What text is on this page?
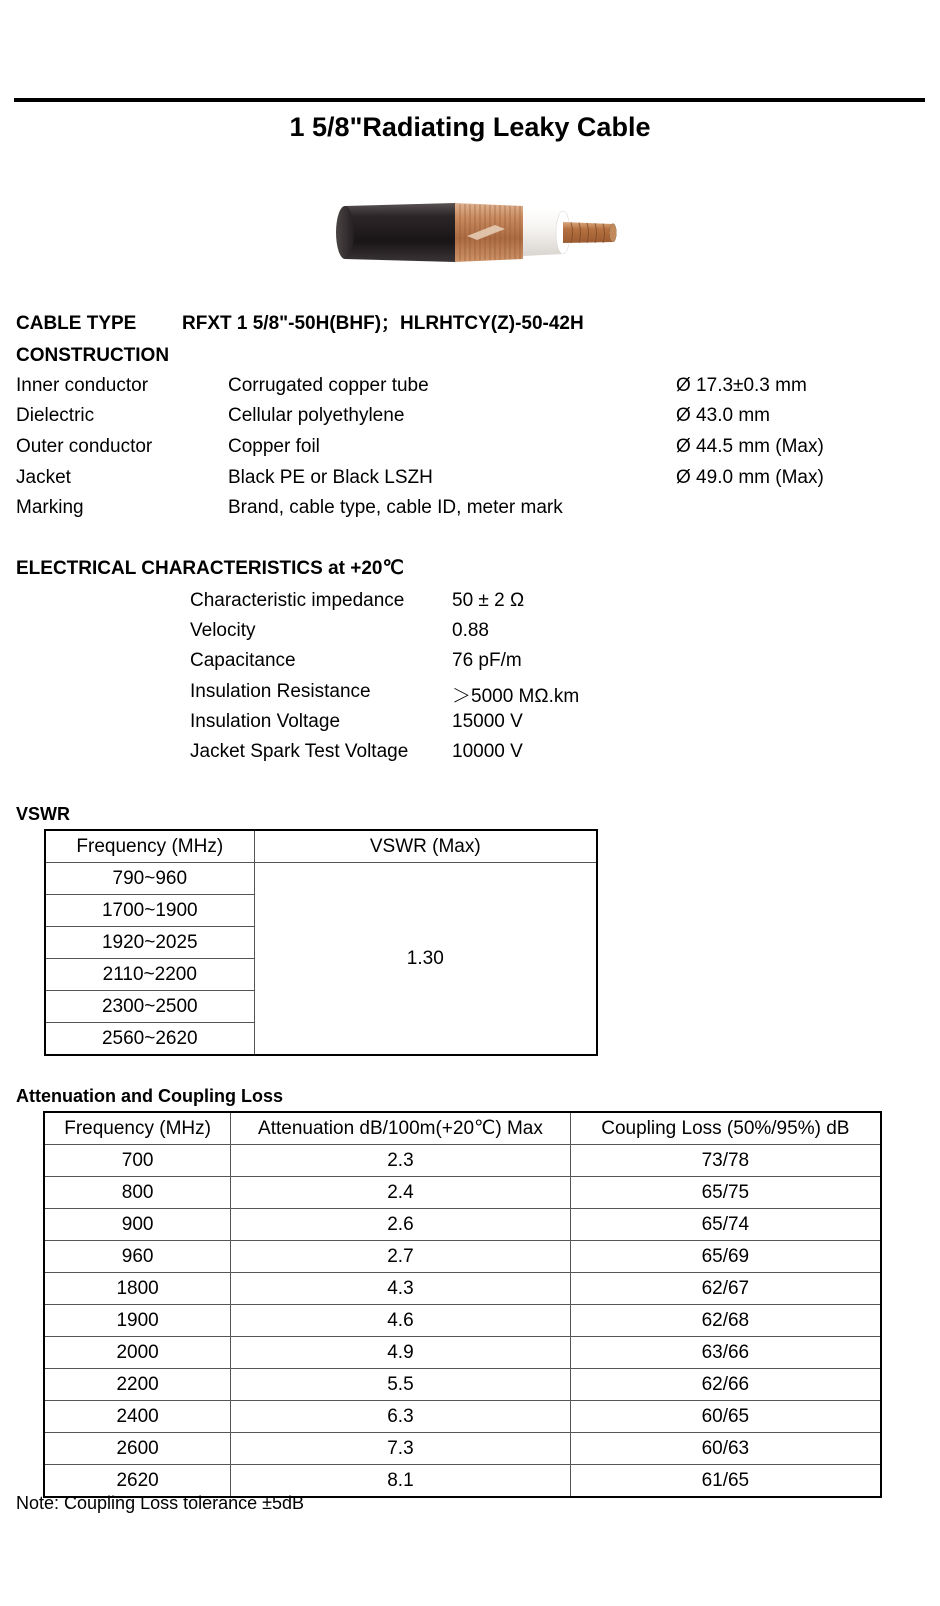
1 5/8"Radiating Leaky Cable
CABLE TYPE RFXT 1 5/8"-50H(BHF)；HLRHTCY(Z)-50-42H
CONSTRUCTION
Inner conductor	Corrugated copper tube	Ø 17.3±0.3 mm
Dielectric	Cellular polyethylene	Ø 43.0 mm
Outer conductor	Copper foil	Ø 44.5 mm (Max)
Jacket	Black PE or Black LSZH	Ø 49.0 mm (Max)
Marking	Brand, cable type, cable ID, meter mark
ELECTRICAL CHARACTERISTICS at +20℃
Characteristic impedance	50 ± 2 Ω
Velocity	0.88
Capacitance	76 pF/m
Insulation Resistance	＞5000 MΩ.km
Insulation Voltage	15000 V
Jacket Spark Test Voltage 10000 V
VSWR
Frequency (MHz)	VSWR (Max)
790~960	1.30
1700~1900	
1920~2025	
2110~2200	
2300~2500	
2560~2620	
Attenuation and Coupling Loss
Frequency (MHz)	Attenuation dB/100m(+20℃) Max	Coupling Loss (50%/95%) dB
700	2.3	73/78
800	2.4	65/75
900	2.6	65/74
960	2.7	65/69
1800	4.3	62/67
1900	4.6	62/68
2000	4.9	63/66
2200	5.5	62/66
2400	6.3	60/65
2600	7.3	60/63
2620	8.1	61/65
Note: Coupling Loss tolerance ±5dB
